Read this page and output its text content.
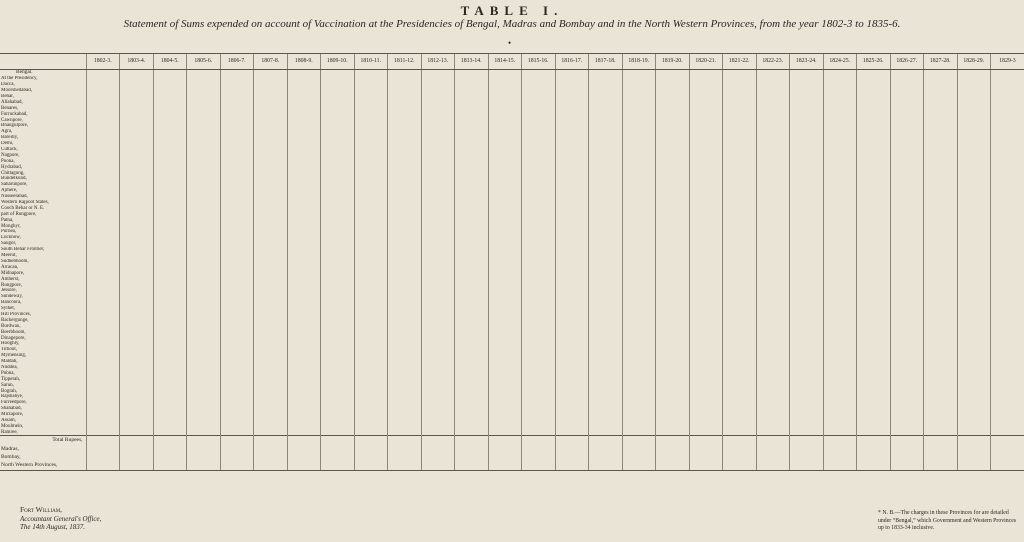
TABLE I.
Statement of Sums expended on account of Vaccination at the Presidencies of Bengal, Madras and Bombay and in the North Western Provinces, from the year 1802-3 to 1835-6.
•
	1802-3.	1803-4.	1804-5.	1805-6.	1806-7.	1807-8.	1808-9.	1809-10.	1810-11.	1811-12.	1812-13.	1813-14.	1814-15.	1815-16.	1816-17.	1817-18.	1818-19.	1819-20.	1820-21.	1821-22.	1822-23.	1823-24.	1824-25.	1825-26.	1826-27.	1827-28.	1828-29.	1829-3
Bengal.																												
At the Presidency,																												
Dacca,																												
Moorshedabad,																												
Behar,																												
Allahabad,																												
Benares,																												
Furruckabad,																												
Cawnpore,																												
Bhaugulpore,																												
Agra,																												
Bareilly,																												
Delhi,																												
Cuttack,																												
Nagpore,																												
Poona,																												
Hydrabad,																												
Chittagong,																												
Bundelkund,																												
Saharunpore,																												
Ajmere,																												
Nusseerabad,																												
Western Rajpoot States,																												
Cooch Behar or N. E.																												
part of Rungpore,																												
Patna,																												
Monghyr,																												
Purnea,																												
Lucknow,																												
Saugor,																												
South Behar Frontier,																												
Meerut,																												
Sudhebhoom,																												
Arracan,																												
Midnapore,																												
Amherst,																												
Rungpore,																												
Jessore,																												
Sundeway,																												
Bancoora,																												
Sylhet,																												
Hill Provinces,																												
Backergunge,																												
Burdwan,																												
Beerbhoom,																												
Dinagepore,																												
Hooghly,																												
Tirhoot,																												
Mymensing,																												
Maldah,																												
Nuddea,																												
Pubna,																												
Tipperah,																												
Sarun,																												
Bograh,																												
Rajshahye,																												
Furreedpore,																												
Shahabad,																												
Mirzapore,																												
Assam,																												
Moulmein,																												
Ramree,																												
Total Rupees,																												
Madras,																												
Bombay,																												
North Western Provinces,																												
Fort William,
Accountant General's Office,
The 14th August, 1837.
* N. B.—The charges in these Provinces for are detailed under “Bengal,” which Government and Western Provinces up to 1833-34 inclusive.
